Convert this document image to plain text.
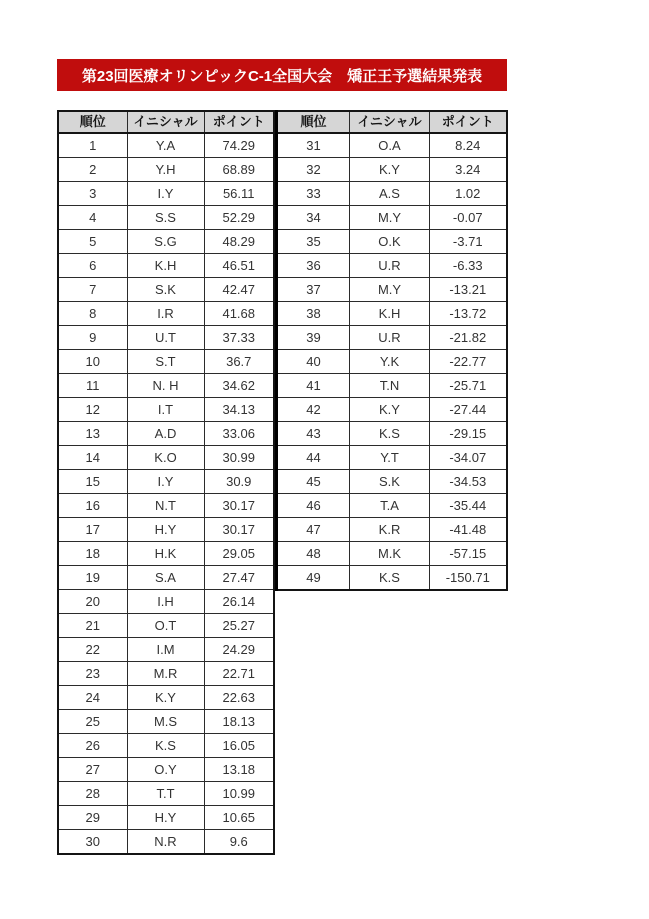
第23回医療オリンピックC-1全国大会　矯正王予選結果発表
順位	イニシャル	ポイント
1	Y.A	74.29
2	Y.H	68.89
3	I.Y	56.11
4	S.S	52.29
5	S.G	48.29
6	K.H	46.51
7	S.K	42.47
8	I.R	41.68
9	U.T	37.33
10	S.T	36.7
11	N. H	34.62
12	I.T	34.13
13	A.D	33.06
14	K.O	30.99
15	I.Y	30.9
16	N.T	30.17
17	H.Y	30.17
18	H.K	29.05
19	S.A	27.47
20	I.H	26.14
21	O.T	25.27
22	I.M	24.29
23	M.R	22.71
24	K.Y	22.63
25	M.S	18.13
26	K.S	16.05
27	O.Y	13.18
28	T.T	10.99
29	H.Y	10.65
30	N.R	9.6
順位	イニシャル	ポイント
31	O.A	8.24
32	K.Y	3.24
33	A.S	1.02
34	M.Y	-0.07
35	O.K	-3.71
36	U.R	-6.33
37	M.Y	-13.21
38	K.H	-13.72
39	U.R	-21.82
40	Y.K	-22.77
41	T.N	-25.71
42	K.Y	-27.44
43	K.S	-29.15
44	Y.T	-34.07
45	S.K	-34.53
46	T.A	-35.44
47	K.R	-41.48
48	M.K	-57.15
49	K.S	-150.71
